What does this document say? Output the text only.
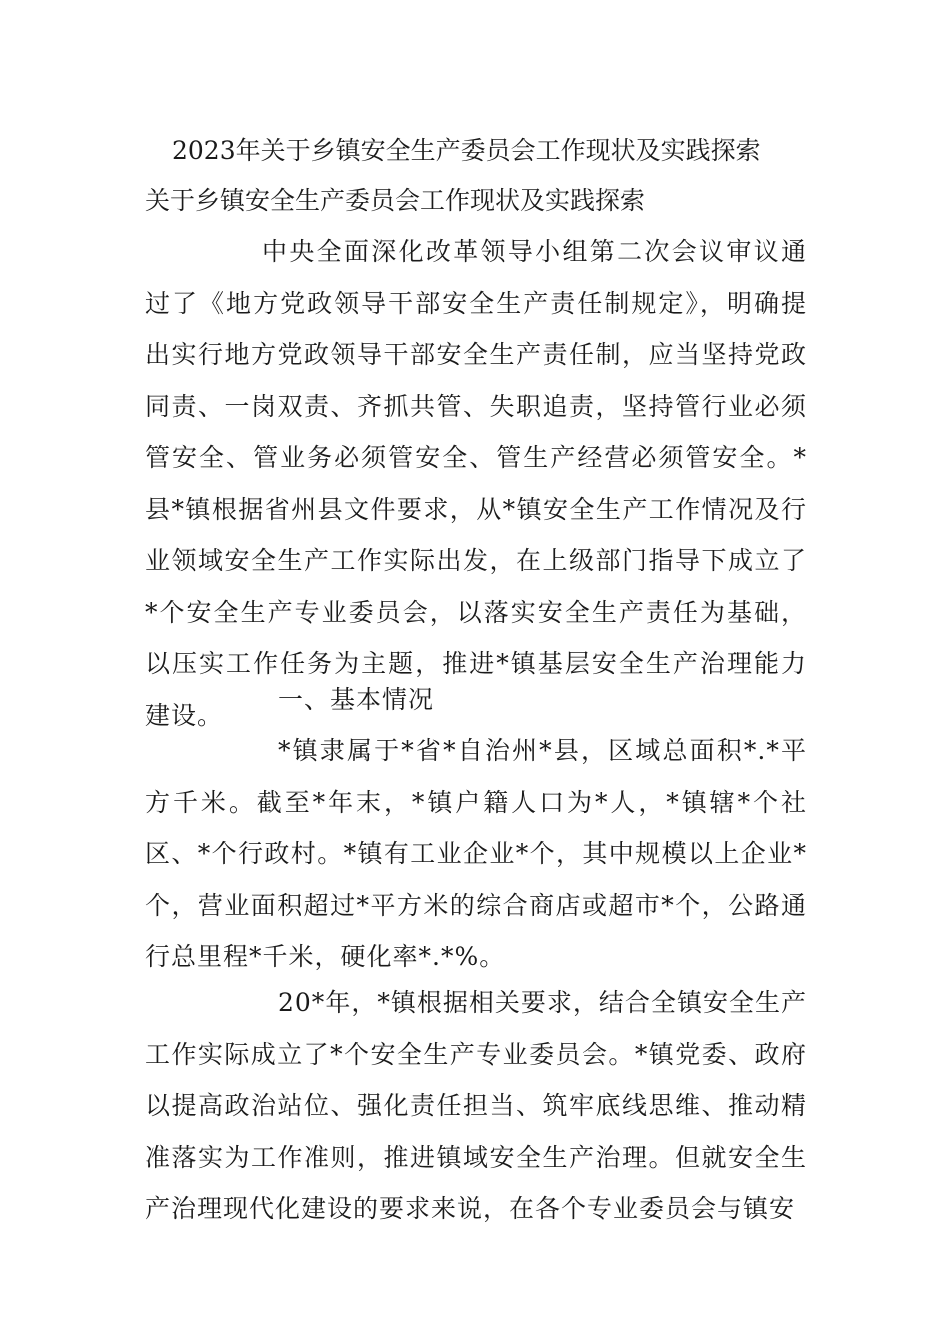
2023年关于乡镇安全生产委员会工作现状及实践探索
关于乡镇安全生产委员会工作现状及实践探索

中央全面深化改革领导小组第二次会议审议通过了《地方党政领导干部安全生产责任制规定》，明确提出实行地方党政领导干部安全生产责任制，应当坚持党政同责、一岗双责、齐抓共管、失职追责，坚持管行业必须管安全、管业务必须管安全、管生产经营必须管安全。*县*镇根据省州县文件要求，从*镇安全生产工作情况及行业领域安全生产工作实际出发，在上级部门指导下成立了*个安全生产专业委员会，以落实安全生产责任为基础，以压实工作任务为主题，推进*镇基层安全生产治理能力建设。

一、基本情况

*镇隶属于*省*自治州*县，区域总面积*.*平方千米。截至*年末，*镇户籍人口为*人，*镇辖*个社区、*个行政村。*镇有工业企业*个，其中规模以上企业*个，营业面积超过*平方米的综合商店或超市*个，公路通行总里程*千米，硬化率*.*%。

20*年，*镇根据相关要求，结合全镇安全生产工作实际成立了*个安全生产专业委员会。*镇党委、政府以提高政治站位、强化责任担当、筑牢底线思维、推动精准落实为工作准则，推进镇域安全生产治理。但就安全生产治理现代化建设的要求来说，在各个专业委员会与镇安
